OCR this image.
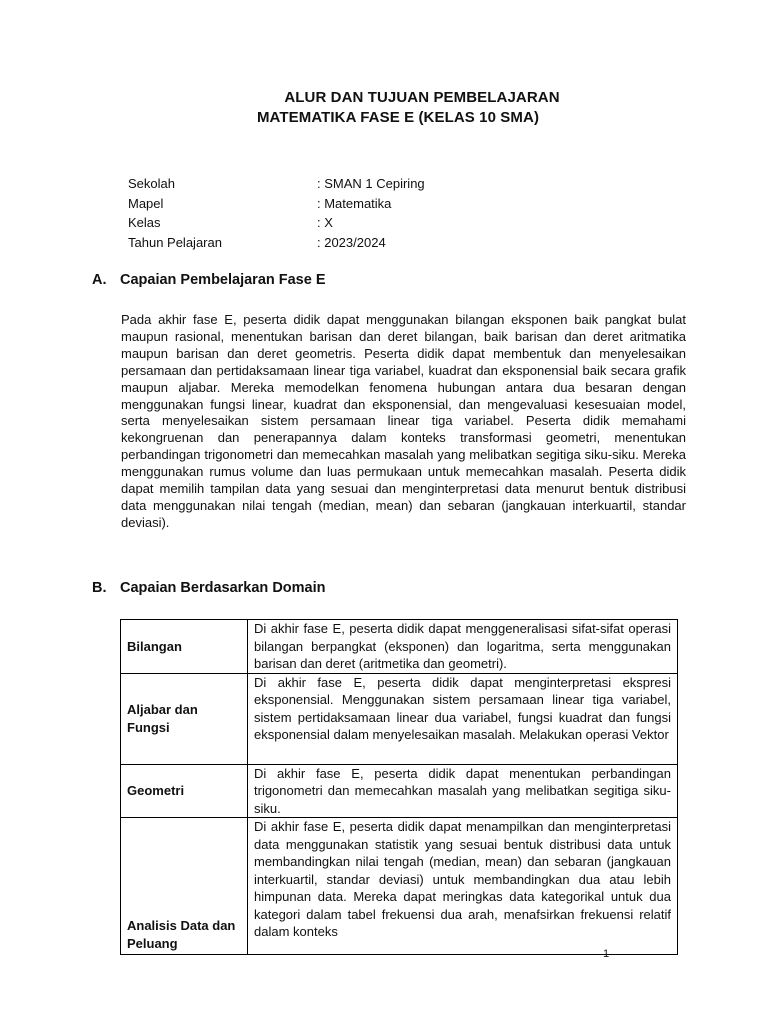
ALUR DAN TUJUAN PEMBELAJARAN
MATEMATIKA FASE E (KELAS 10 SMA)
Sekolah	: SMAN 1 Cepiring
Mapel	: Matematika
Kelas	: X
Tahun Pelajaran	: 2023/2024
A. Capaian Pembelajaran Fase E

Pada akhir fase E, peserta didik dapat menggunakan bilangan eksponen baik pangkat bulat maupun rasional, menentukan barisan dan deret bilangan, baik barisan dan deret aritmatika maupun barisan dan deret geometris. Peserta didik dapat membentuk dan menyelesaikan persamaan dan pertidaksamaan linear tiga variabel, kuadrat dan eksponensial baik secara grafik maupun aljabar. Mereka memodelkan fenomena hubungan antara dua besaran dengan menggunakan fungsi linear, kuadrat dan eksponensial, dan mengevaluasi kesesuaian model, serta menyelesaikan sistem persamaan linear tiga variabel. Peserta didik memahami kekongruenan dan penerapannya dalam konteks transformasi geometri, menentukan perbandingan trigonometri dan memecahkan masalah yang melibatkan segitiga siku-siku. Mereka menggunakan rumus volume dan luas permukaan untuk memecahkan masalah. Peserta didik dapat memilih tampilan data yang sesuai dan menginterpretasi data menurut bentuk distribusi data menggunakan nilai tengah (median, mean) dan sebaran (jangkauan interkuartil, standar deviasi).

B. Capaian Berdasarkan Domain
Bilangan	Di akhir fase E, peserta didik dapat menggeneralisasi sifat-sifat operasi bilangan berpangkat (eksponen) dan logaritma, serta menggunakan barisan dan deret (aritmetika dan geometri).
Aljabar dan Fungsi	Di akhir fase E, peserta didik dapat menginterpretasi ekspresi eksponensial. Menggunakan sistem persamaan linear tiga variabel, sistem pertidaksamaan linear dua variabel, fungsi kuadrat dan fungsi eksponensial dalam menyelesaikan masalah. Melakukan operasi Vektor
Geometri	Di akhir fase E, peserta didik dapat menentukan perbandingan trigonometri dan memecahkan masalah yang melibatkan segitiga siku-siku.
Analisis Data dan Peluang	Di akhir fase E, peserta didik dapat menampilkan dan menginterpretasi data menggunakan statistik yang sesuai bentuk distribusi data untuk membandingkan nilai tengah (median, mean) dan sebaran (jangkauan interkuartil, standar deviasi) untuk membandingkan dua atau lebih himpunan data. Mereka dapat meringkas data kategorikal untuk dua kategori dalam tabel frekuensi dua arah, menafsirkan frekuensi relatif dalam konteks
1
